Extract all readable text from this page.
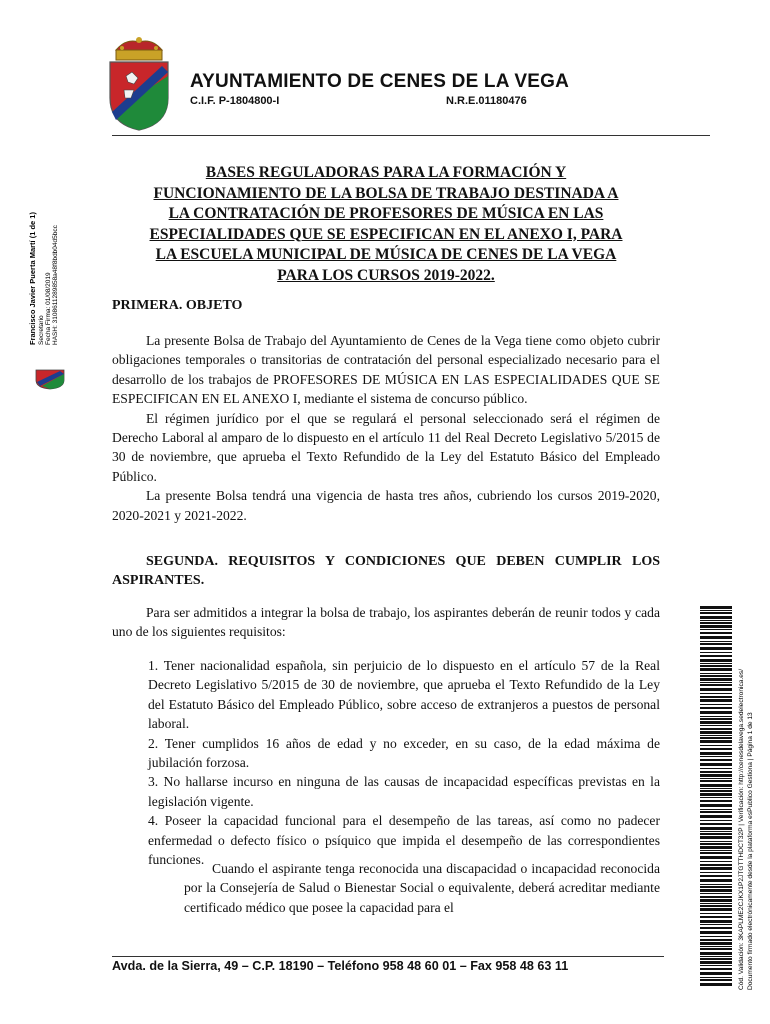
AYUNTAMIENTO DE CENES DE LA VEGA
C.I.F. P-1804800-I	N.R.E.01180476
BASES REGULADORAS PARA LA FORMACIÓN Y
FUNCIONAMIENTO DE LA BOLSA DE TRABAJO DESTINADA A
LA CONTRATACIÓN DE PROFESORES DE MÚSICA EN LAS
ESPECIALIDADES QUE SE ESPECIFICAN EN EL ANEXO I, PARA
LA ESCUELA MUNICIPAL DE MÚSICA DE CENES DE LA VEGA
PARA LOS CURSOS 2019-2022.
PRIMERA. OBJETO

La presente Bolsa de Trabajo del Ayuntamiento de Cenes de la Vega tiene como objeto cubrir obligaciones temporales o transitorias de contratación del personal especializado necesario para el desarrollo de los trabajos de PROFESORES DE MÚSICA EN LAS ESPECIALIDADES QUE SE ESPECIFICAN EN EL ANEXO I, mediante el sistema de concurso público.

El régimen jurídico por el que se regulará el personal seleccionado será el régimen de Derecho Laboral al amparo de lo dispuesto en el artículo 11 del Real Decreto Legislativo 5/2015 de 30 de noviembre, que aprueba el Texto Refundido de la Ley del Estatuto Básico del Empleado Público.

La presente Bolsa tendrá una vigencia de hasta tres años, cubriendo los cursos 2019-2020, 2020-2021 y 2021-2022.

SEGUNDA. REQUISITOS Y CONDICIONES QUE DEBEN CUMPLIR LOS ASPIRANTES.
Para ser admitidos a integrar la bolsa de trabajo, los aspirantes deberán de reunir todos y cada uno de los siguientes requisitos:

1. Tener nacionalidad española, sin perjuicio de lo dispuesto en el artículo 57 de la Real Decreto Legislativo 5/2015 de 30 de noviembre, que aprueba el Texto Refundido de la Ley del Estatuto Básico del Empleado Público, sobre acceso de extranjeros a puestos de personal laboral.

2. Tener cumplidos 16 años de edad y no exceder, en su caso, de la edad máxima de jubilación forzosa.

3. No hallarse incurso en ninguna de las causas de incapacidad específicas previstas en la legislación vigente.

4. Poseer la capacidad funcional para el desempeño de las tareas, así como no padecer enfermedad o defecto físico o psíquico que impida el desempeño de las correspondientes funciones.

Cuando el aspirante tenga reconocida una discapacidad o incapacidad reconocida por la Consejería de Salud o Bienestar Social o equivalente, deberá acreditar mediante certificado médico que posee la capacidad para el
Avda. de la Sierra, 49 – C.P. 18190 – Teléfono 958 48 60 01 – Fax 958 48 63 11
Francisco Javier Puerta Martí (1 de 1) Secretario Fecha Firma: 01/08/2019 HASH: 3108611289858a48f8bdb04d5bcc
Cód. Validación: 3KAPLME2CJKX1P2JTGTTHDCT32P | Verificación: http://cenesdelavega.sedelectronica.es/ Documento firmado electrónicamente desde la plataforma esPublico Gestiona | Página 1 de 13
